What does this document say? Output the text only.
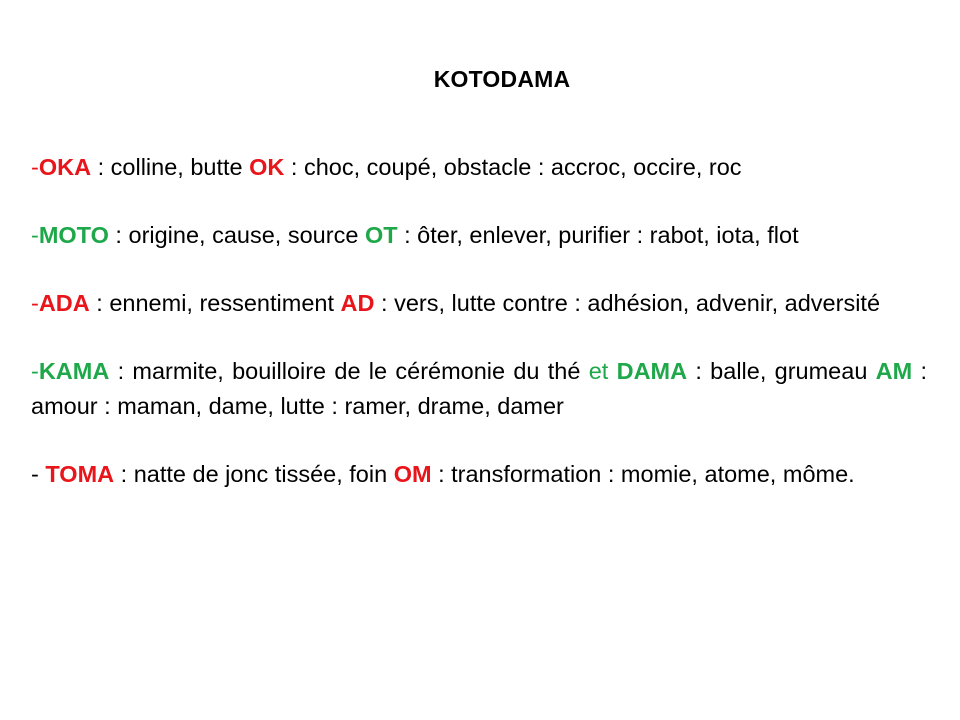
KOTODAMA

-OKA : colline, butte OK : choc, coupé, obstacle : accroc, occire, roc

-MOTO : origine, cause, source OT : ôter, enlever, purifier : rabot, iota, flot

-ADA : ennemi, ressentiment AD : vers, lutte contre : adhésion, advenir, adversité

-KAMA : marmite, bouilloire de le cérémonie du thé et DAMA : balle, grumeau AM : amour : maman, dame, lutte : ramer, drame, damer

- TOMA : natte de jonc tissée, foin OM : transformation : momie, atome, môme.
